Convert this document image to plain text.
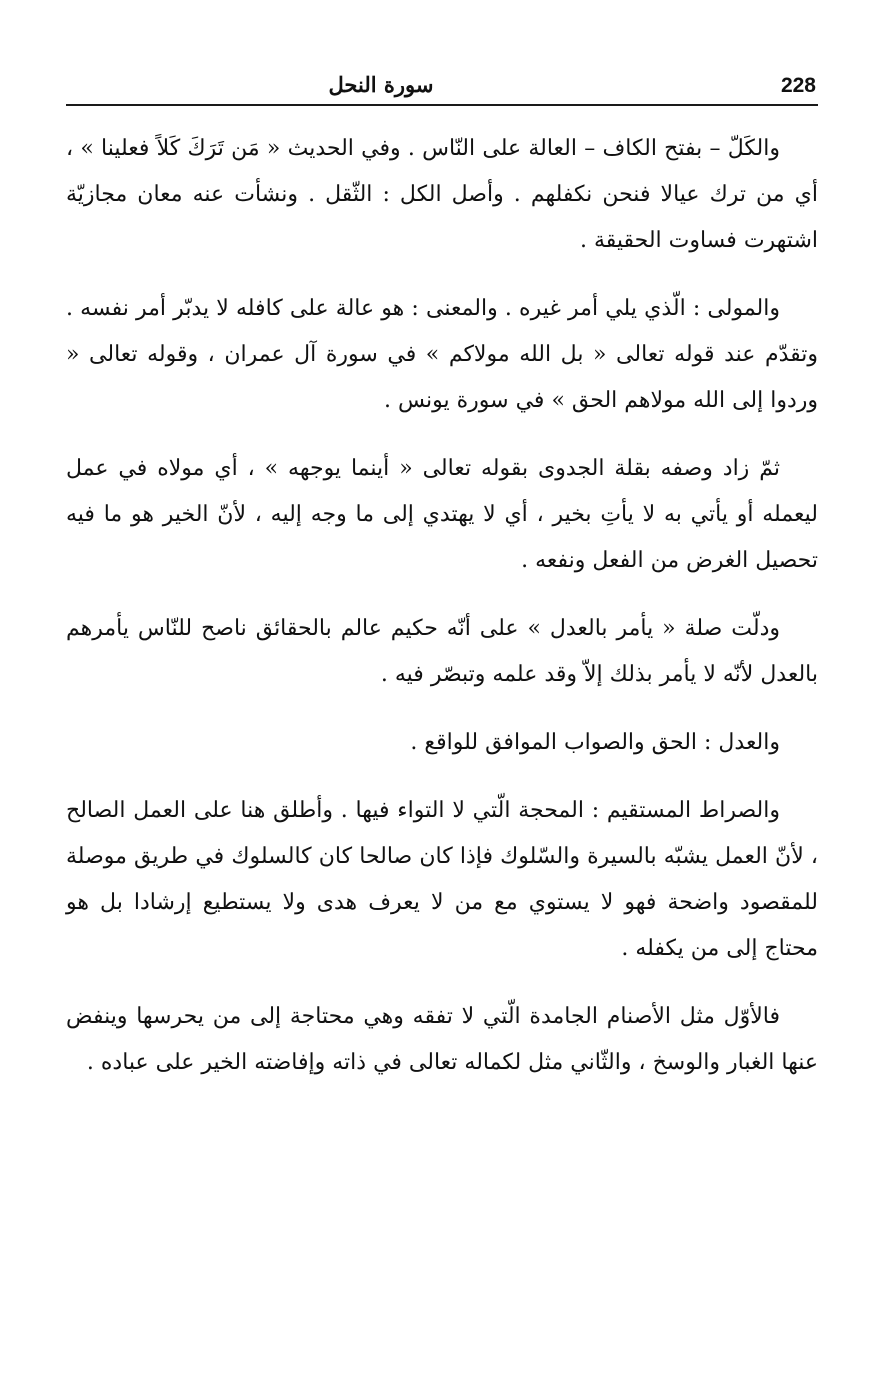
228
سورة النحل

والكَلّ – بفتح الكاف – العالة على النّاس . وفي الحديث « مَن تَرَكَ كَلاً فعلينا » ، أي من ترك عيالا فنحن نكفلهم . وأصل الكل : الثّقل . ونشأت عنه معان مجازيّة اشتهرت فساوت الحقيقة .

والمولى : الّذي يلي أمر غيره . والمعنى : هو عالة على كافله لا يدبّر أمر نفسه . وتقدّم عند قوله تعالى « بل الله مولاكم » في سورة آل عمران ، وقوله تعالى « وردوا إلى الله مولاهم الحق » في سورة يونس .

ثمّ زاد وصفه بقلة الجدوى بقوله تعالى « أينما يوجهه » ، أي مولاه في عمل ليعمله أو يأتي به لا يأتِ بخير ، أي لا يهتدي إلى ما وجه إليه ، لأنّ الخير هو ما فيه تحصيل الغرض من الفعل ونفعه .

ودلّت صلة « يأمر بالعدل » على أنّه حكيم عالم بالحقائق ناصح للنّاس يأمرهم بالعدل لأنّه لا يأمر بذلك إلاّ وقد علمه وتبصّر فيه .

والعدل : الحق والصواب الموافق للواقع .

والصراط المستقيم : المحجة الّتي لا التواء فيها . وأطلق هنا على العمل الصالح ، لأنّ العمل يشبّه بالسيرة والسّلوك فإذا كان صالحا كان كالسلوك في طريق موصلة للمقصود واضحة فهو لا يستوي مع من لا يعرف هدى ولا يستطيع إرشادا بل هو محتاج إلى من يكفله .

فالأوّل مثل الأصنام الجامدة الّتي لا تفقه وهي محتاجة إلى من يحرسها وينفض عنها الغبار والوسخ ، والثّاني مثل لكماله تعالى في ذاته وإفاضته الخير على عباده .
